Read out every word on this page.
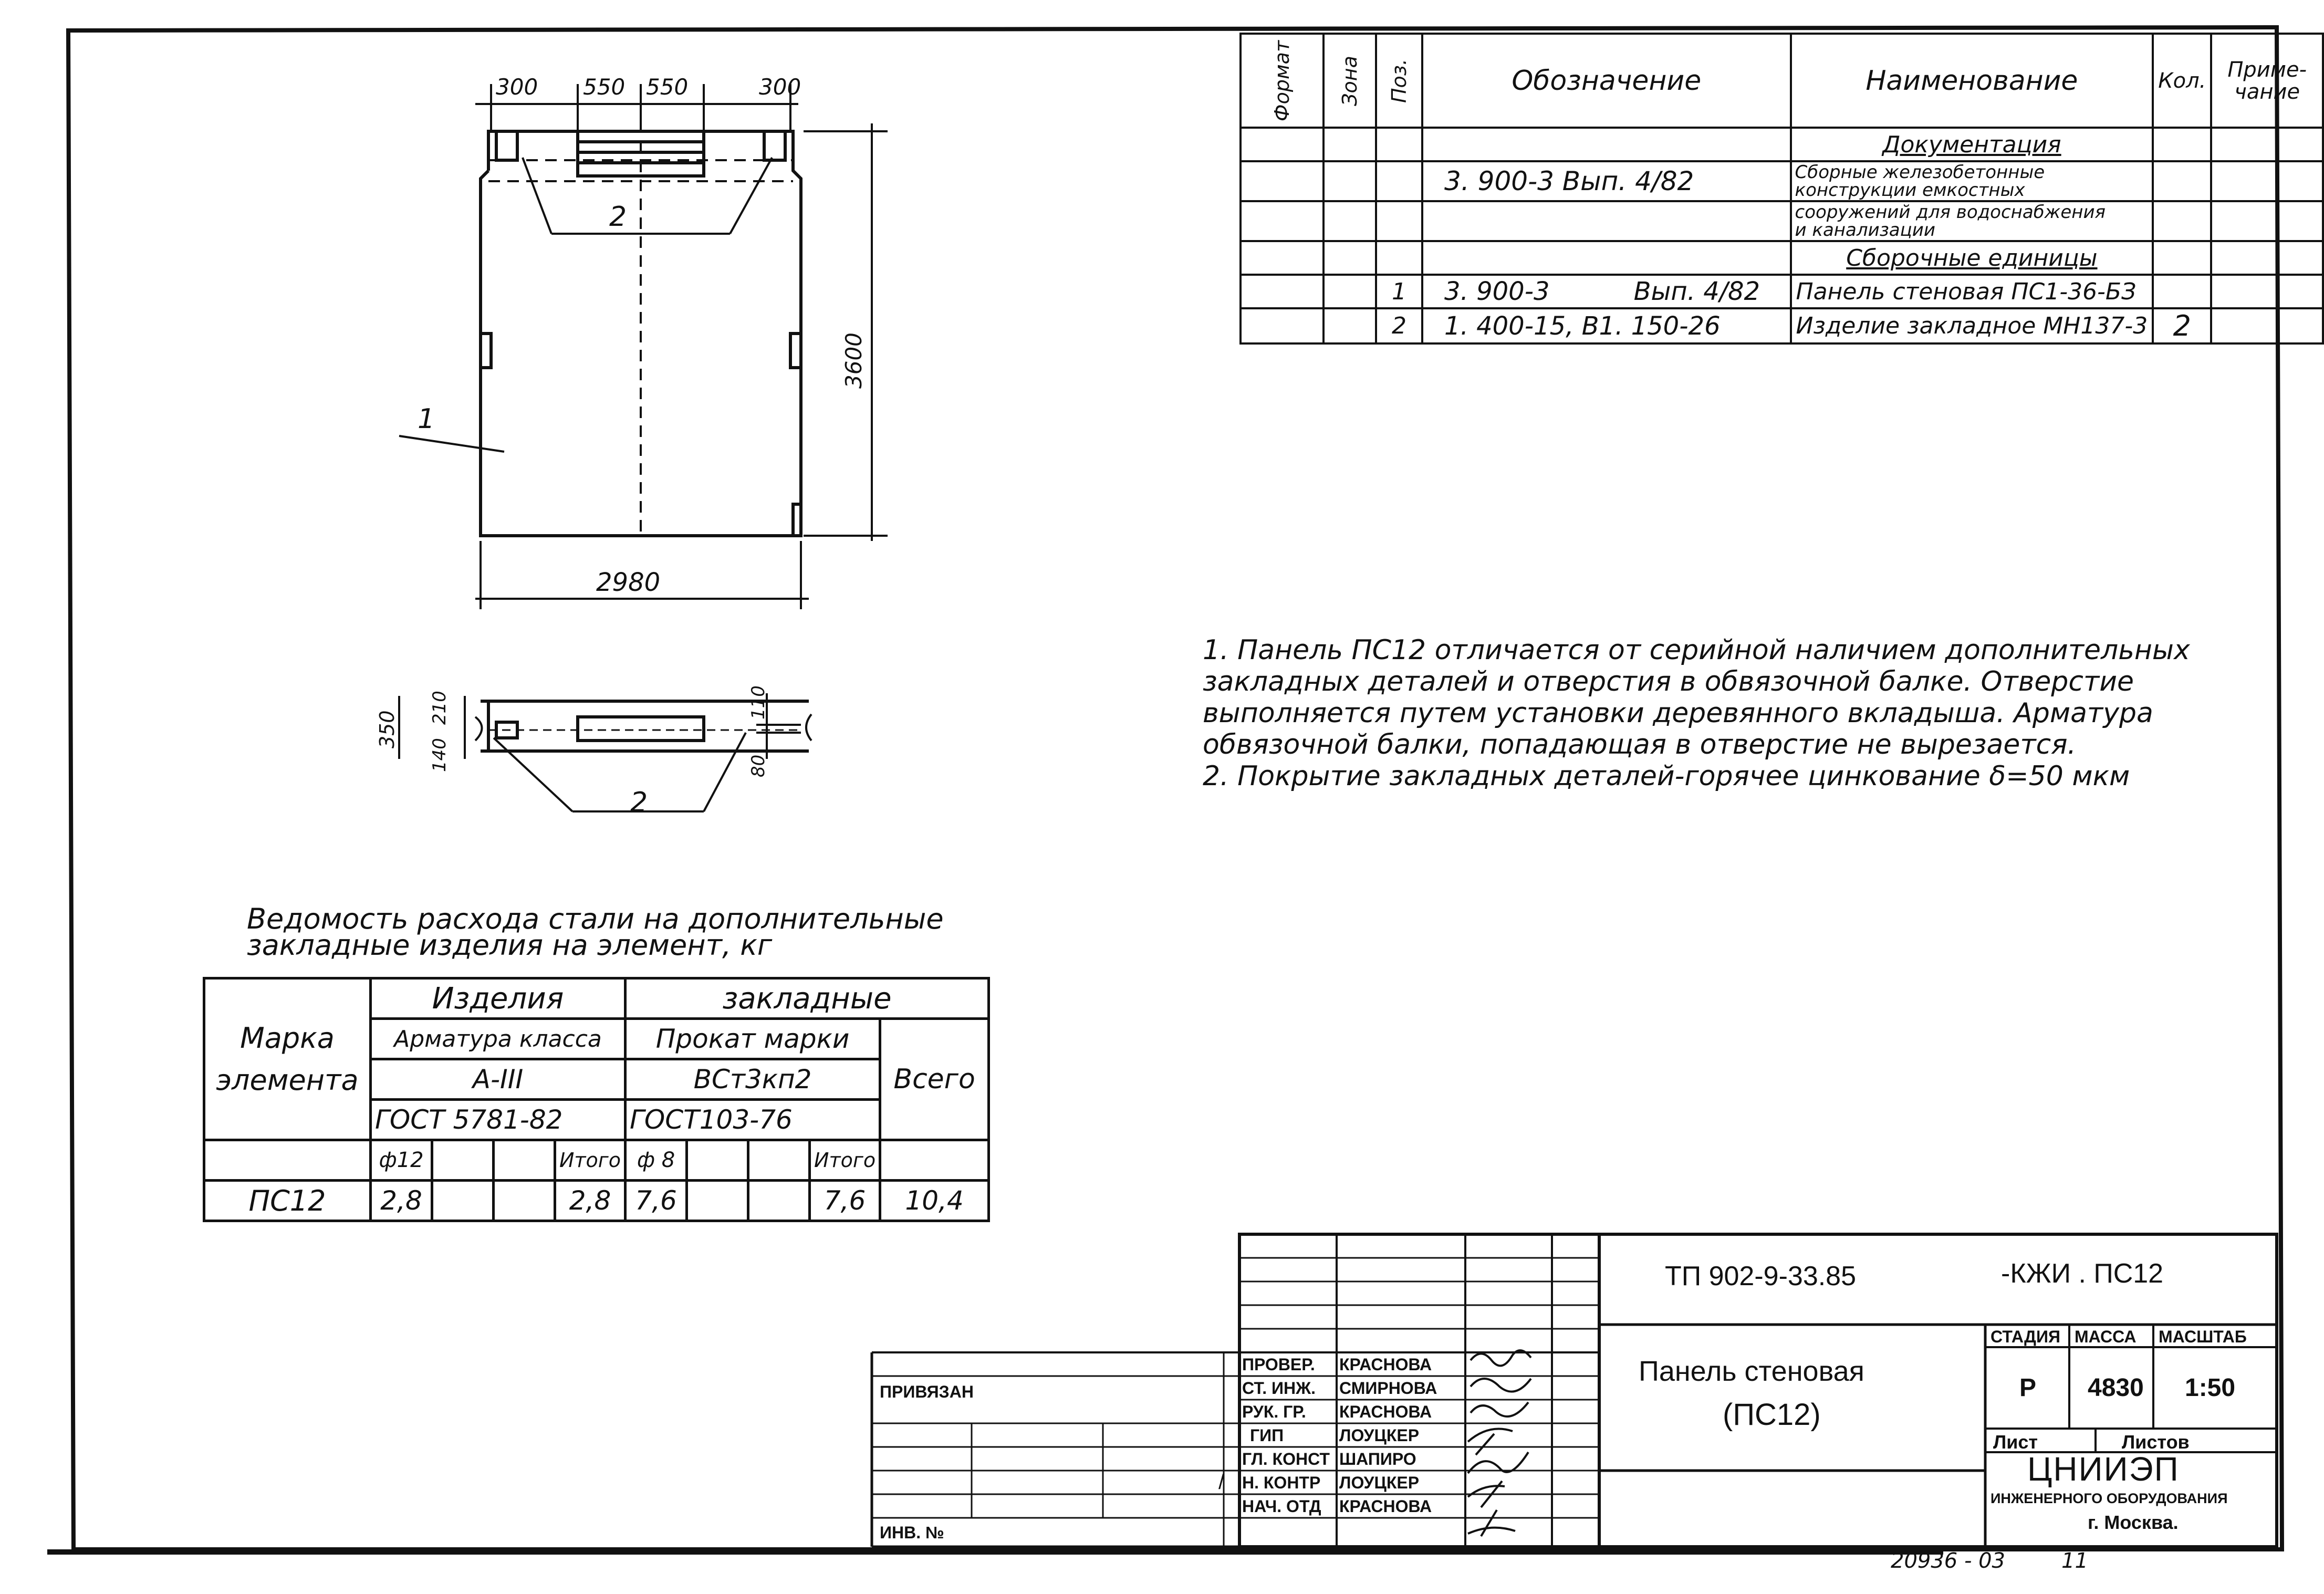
300 550 550	300
3600
2980
1
2
2
350
140
210	110
80
20936 - 03	11
Формат	Зона	Поз.	Обозначение	Наименование	Кол.	Приме-
чание
				Документация		
			3. 900-3 Вып. 4/82	Сборные железобетонные
конструкции емкостных		

				сооружений для водоснабжения
и канализации		

				Сборочные единицы		
		1	3. 900-3 Вып. 4/82	Панель стеновая ПС1-36-БЗ		
		2	1. 400-15, В1. 150-26	Изделие закладное МН137-3	2	

1. Панель ПС12 отличается от серийной наличием дополнительных закладных деталей и отверстия в обвязочной балке. Отверстие выполняется путем установки деревянного вкладыша. Арматура обвязочной балки, попадающая в отверстие не вырезается.

2. Покрытие закладных деталей-горячее цинкование δ=50 мкм

Ведомость расхода стали на дополнительные
закладные изделия на элемент, кг
Марка
элемента	Изделия				закладные				
	Арматура класса				Прокат марки				Всего
	А-III				ВСт3кп2				
	ГОСТ 5781-82				ГОСТ103-76				
	ф12			Итого	ф 8			Итого	
ПС12	2,8			2,8	7,6			7,6	10,4
ПРИВЯЗАН
ИНВ. №
/
ПРОВЕР. КРАСНОВА
СТ. ИНЖ. СМИРНОВА
РУК. ГР. КРАСНОВА
ГИП	ЛОУЦКЕР
ГЛ. КОНСТ ШАПИРО
Н. КОНТР ЛОУЦКЕР
НАЧ. ОТД КРАСНОВА
ТП 902-9-33.85	-КЖИ . ПС12
Панель стеновая
(ПС12)
СТАДИЯ МАССА МАСШТАБ
Р 4830 1:50
Лист	Листов
ЦНИИЭП
ИНЖЕНЕРНОГО ОБОРУДОВАНИЯ
г. Москва.
